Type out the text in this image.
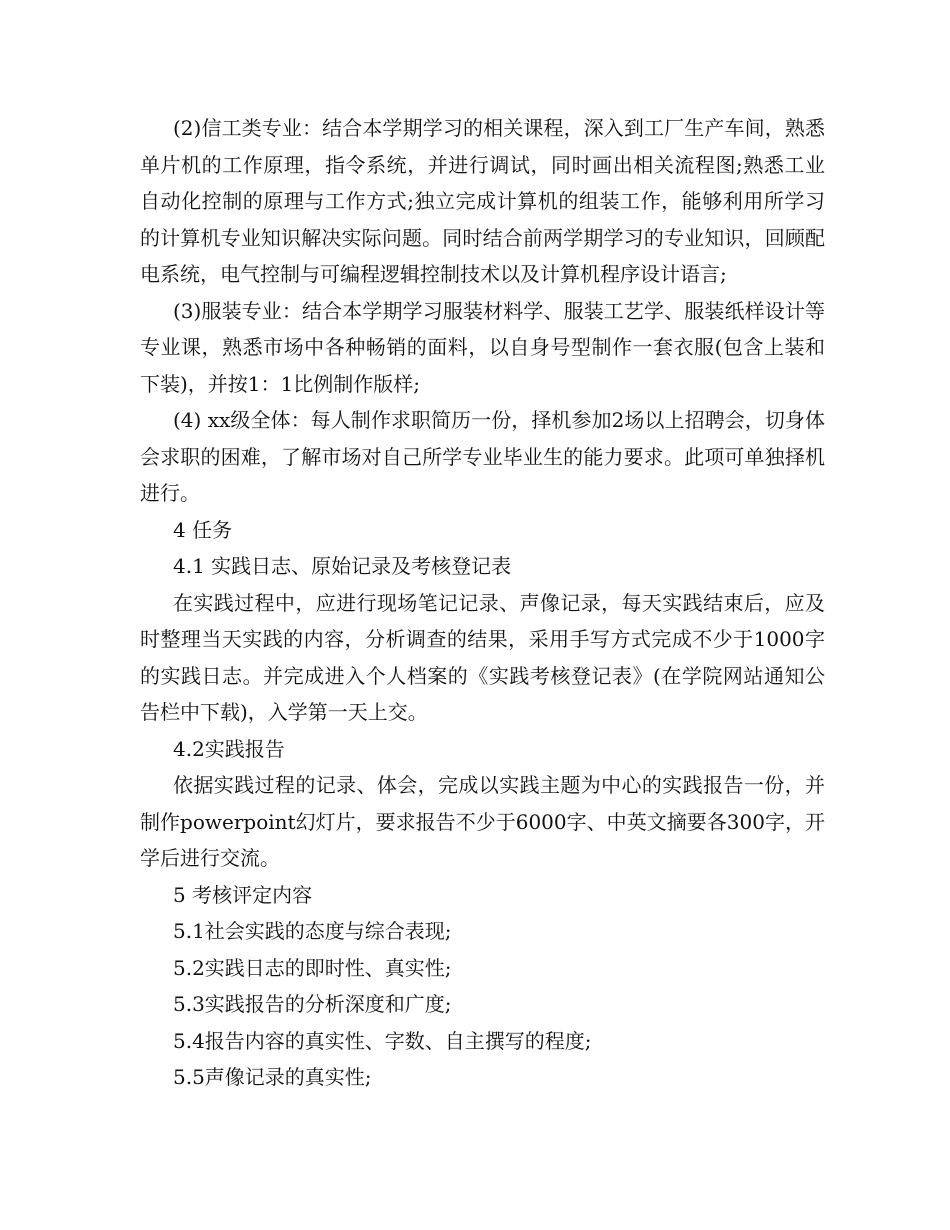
(2)信工类专业：结合本学期学习的相关课程，深入到工厂生产车间，熟悉单片机的工作原理，指令系统，并进行调试，同时画出相关流程图;熟悉工业自动化控制的原理与工作方式;独立完成计算机的组装工作，能够利用所学习的计算机专业知识解决实际问题。同时结合前两学期学习的专业知识，回顾配电系统，电气控制与可编程逻辑控制技术以及计算机程序设计语言;

(3)服装专业：结合本学期学习服装材料学、服装工艺学、服装纸样设计等专业课，熟悉市场中各种畅销的面料，以自身号型制作一套衣服(包含上装和下装)，并按1：1比例制作版样;

(4) xx级全体：每人制作求职简历一份，择机参加2场以上招聘会，切身体会求职的困难，了解市场对自己所学专业毕业生的能力要求。此项可单独择机进行。

4 任务

4.1 实践日志、原始记录及考核登记表

在实践过程中，应进行现场笔记记录、声像记录，每天实践结束后，应及时整理当天实践的内容，分析调查的结果，采用手写方式完成不少于1000字的实践日志。并完成进入个人档案的《实践考核登记表》(在学院网站通知公告栏中下载)，入学第一天上交。

4.2实践报告

依据实践过程的记录、体会，完成以实践主题为中心的实践报告一份，并制作powerpoint幻灯片，要求报告不少于6000字、中英文摘要各300字，开学后进行交流。

5 考核评定内容

5.1社会实践的态度与综合表现;

5.2实践日志的即时性、真实性;

5.3实践报告的分析深度和广度;

5.4报告内容的真实性、字数、自主撰写的程度;

5.5声像记录的真实性;
